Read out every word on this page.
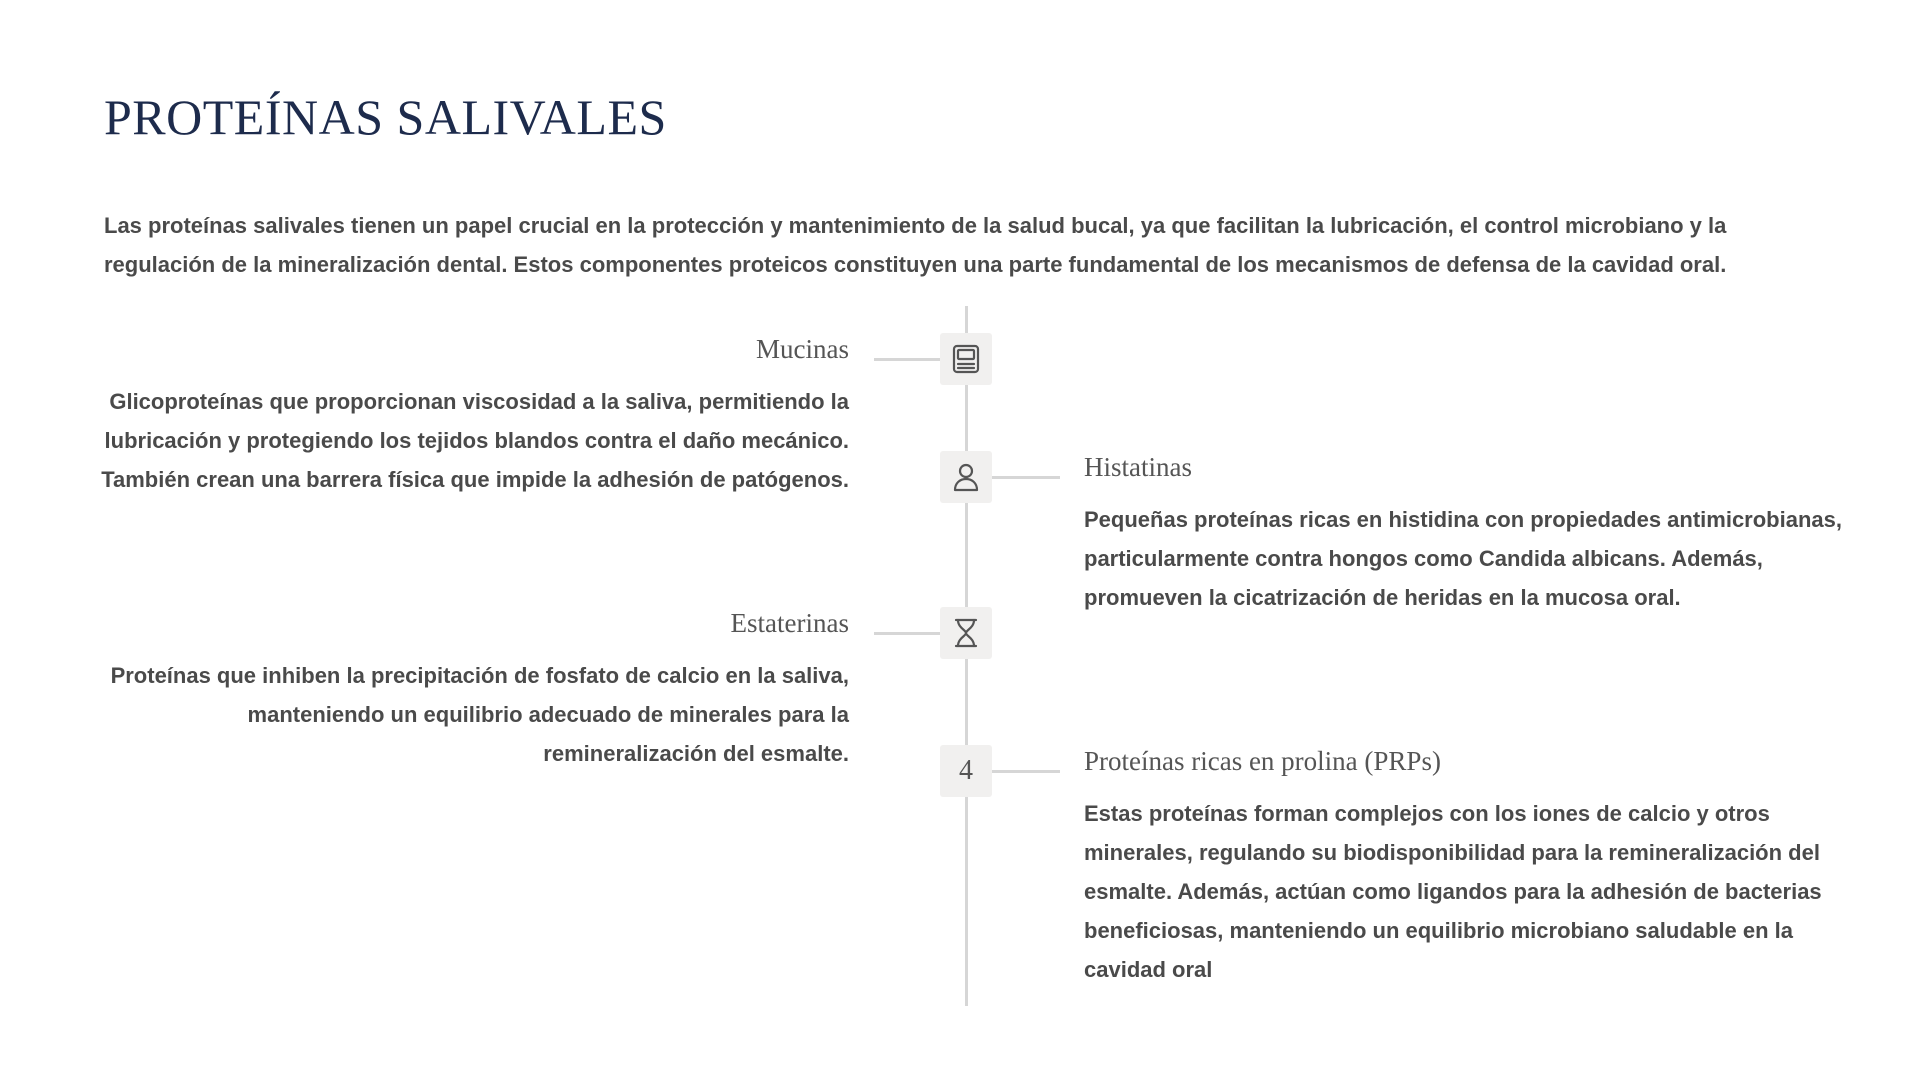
PROTEÍNAS SALIVALES

Las proteínas salivales tienen un papel crucial en la protección y mantenimiento de la salud bucal, ya que facilitan la lubricación, el control microbiano y la regulación de la mineralización dental. Estos componentes proteicos constituyen una parte fundamental de los mecanismos de defensa de la cavidad oral.

Mucinas

Glicoproteínas que proporcionan viscosidad a la saliva, permitiendo la lubricación y protegiendo los tejidos blandos contra el daño mecánico. También crean una barrera física que impide la adhesión de patógenos.	Histatinas

Pequeñas proteínas ricas en histidina con propiedades antimicrobianas, particularmente contra hongos como Candida albicans. Además, promueven la cicatrización de heridas en la mucosa oral.

Estaterinas

Proteínas que inhiben la precipitación de fosfato de calcio en la saliva, manteniendo un equilibrio adecuado de minerales para la remineralización del esmalte.

4	Proteínas ricas en prolina (PRPs)

Estas proteínas forman complejos con los iones de calcio y otros minerales, regulando su biodisponibilidad para la remineralización del esmalte. Además, actúan como ligandos para la adhesión de bacterias beneficiosas, manteniendo un equilibrio microbiano saludable en la cavidad oral
